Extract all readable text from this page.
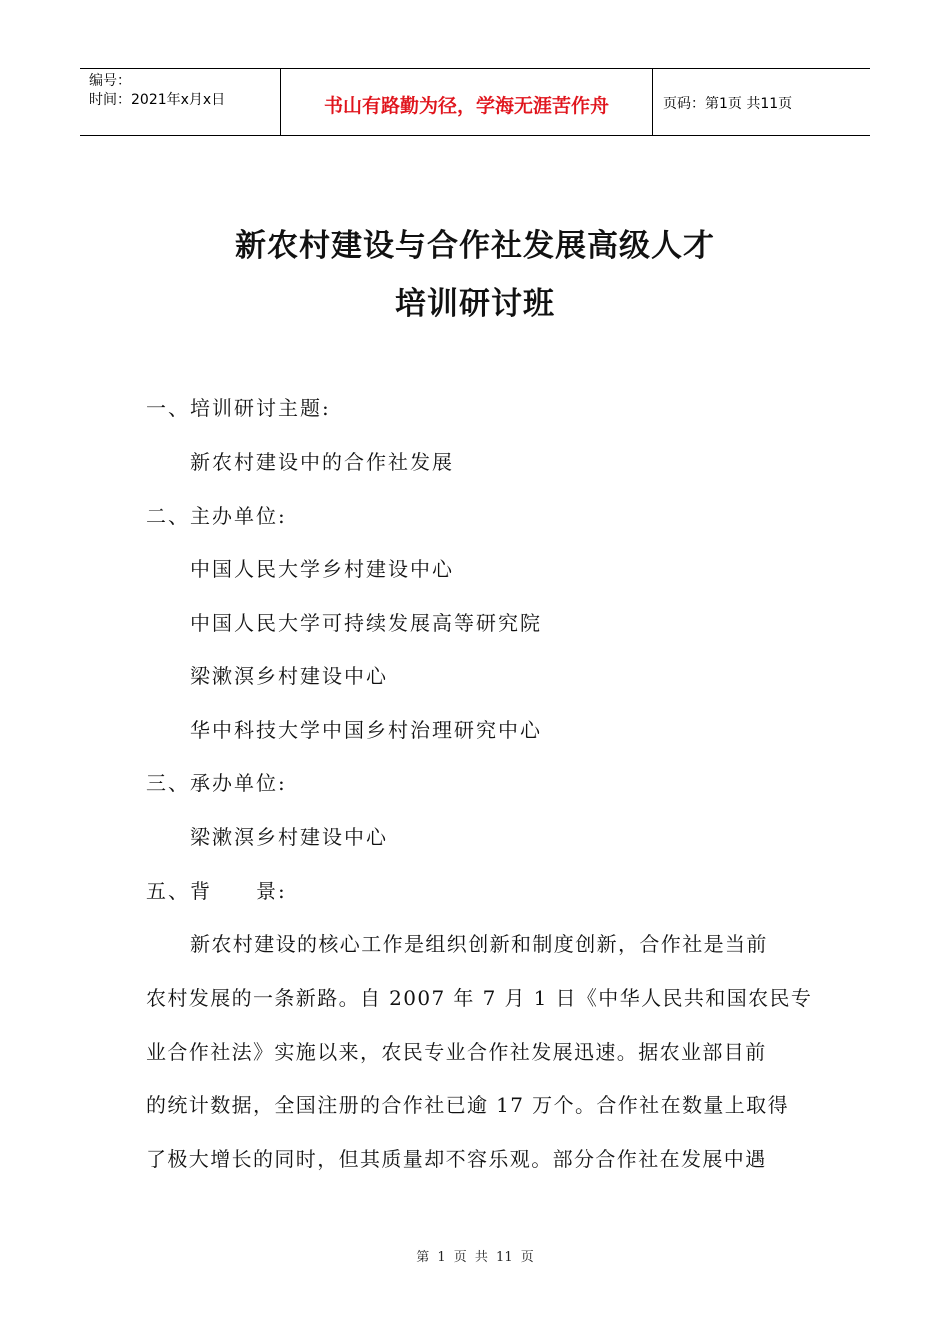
编号：
时间：2021年x月x日	书山有路勤为径，学海无涯苦作舟	页码：第1页 共11页
新农村建设与合作社发展高级人才
培训研讨班
一、培训研讨主题:
新农村建设中的合作社发展
二、主办单位:
中国人民大学乡村建设中心
中国人民大学可持续发展高等研究院
梁漱溟乡村建设中心
华中科技大学中国乡村治理研究中心
三、承办单位:
梁漱溟乡村建设中心
五、背　　景:
新农村建设的核心工作是组织创新和制度创新，合作社是当前
农村发展的一条新路。自 2007 年 7 月 1 日《中华人民共和国农民专
业合作社法》实施以来，农民专业合作社发展迅速。据农业部目前
的统计数据，全国注册的合作社已逾 17 万个。合作社在数量上取得
了极大增长的同时，但其质量却不容乐观。部分合作社在发展中遇
第 1 页 共 11 页
